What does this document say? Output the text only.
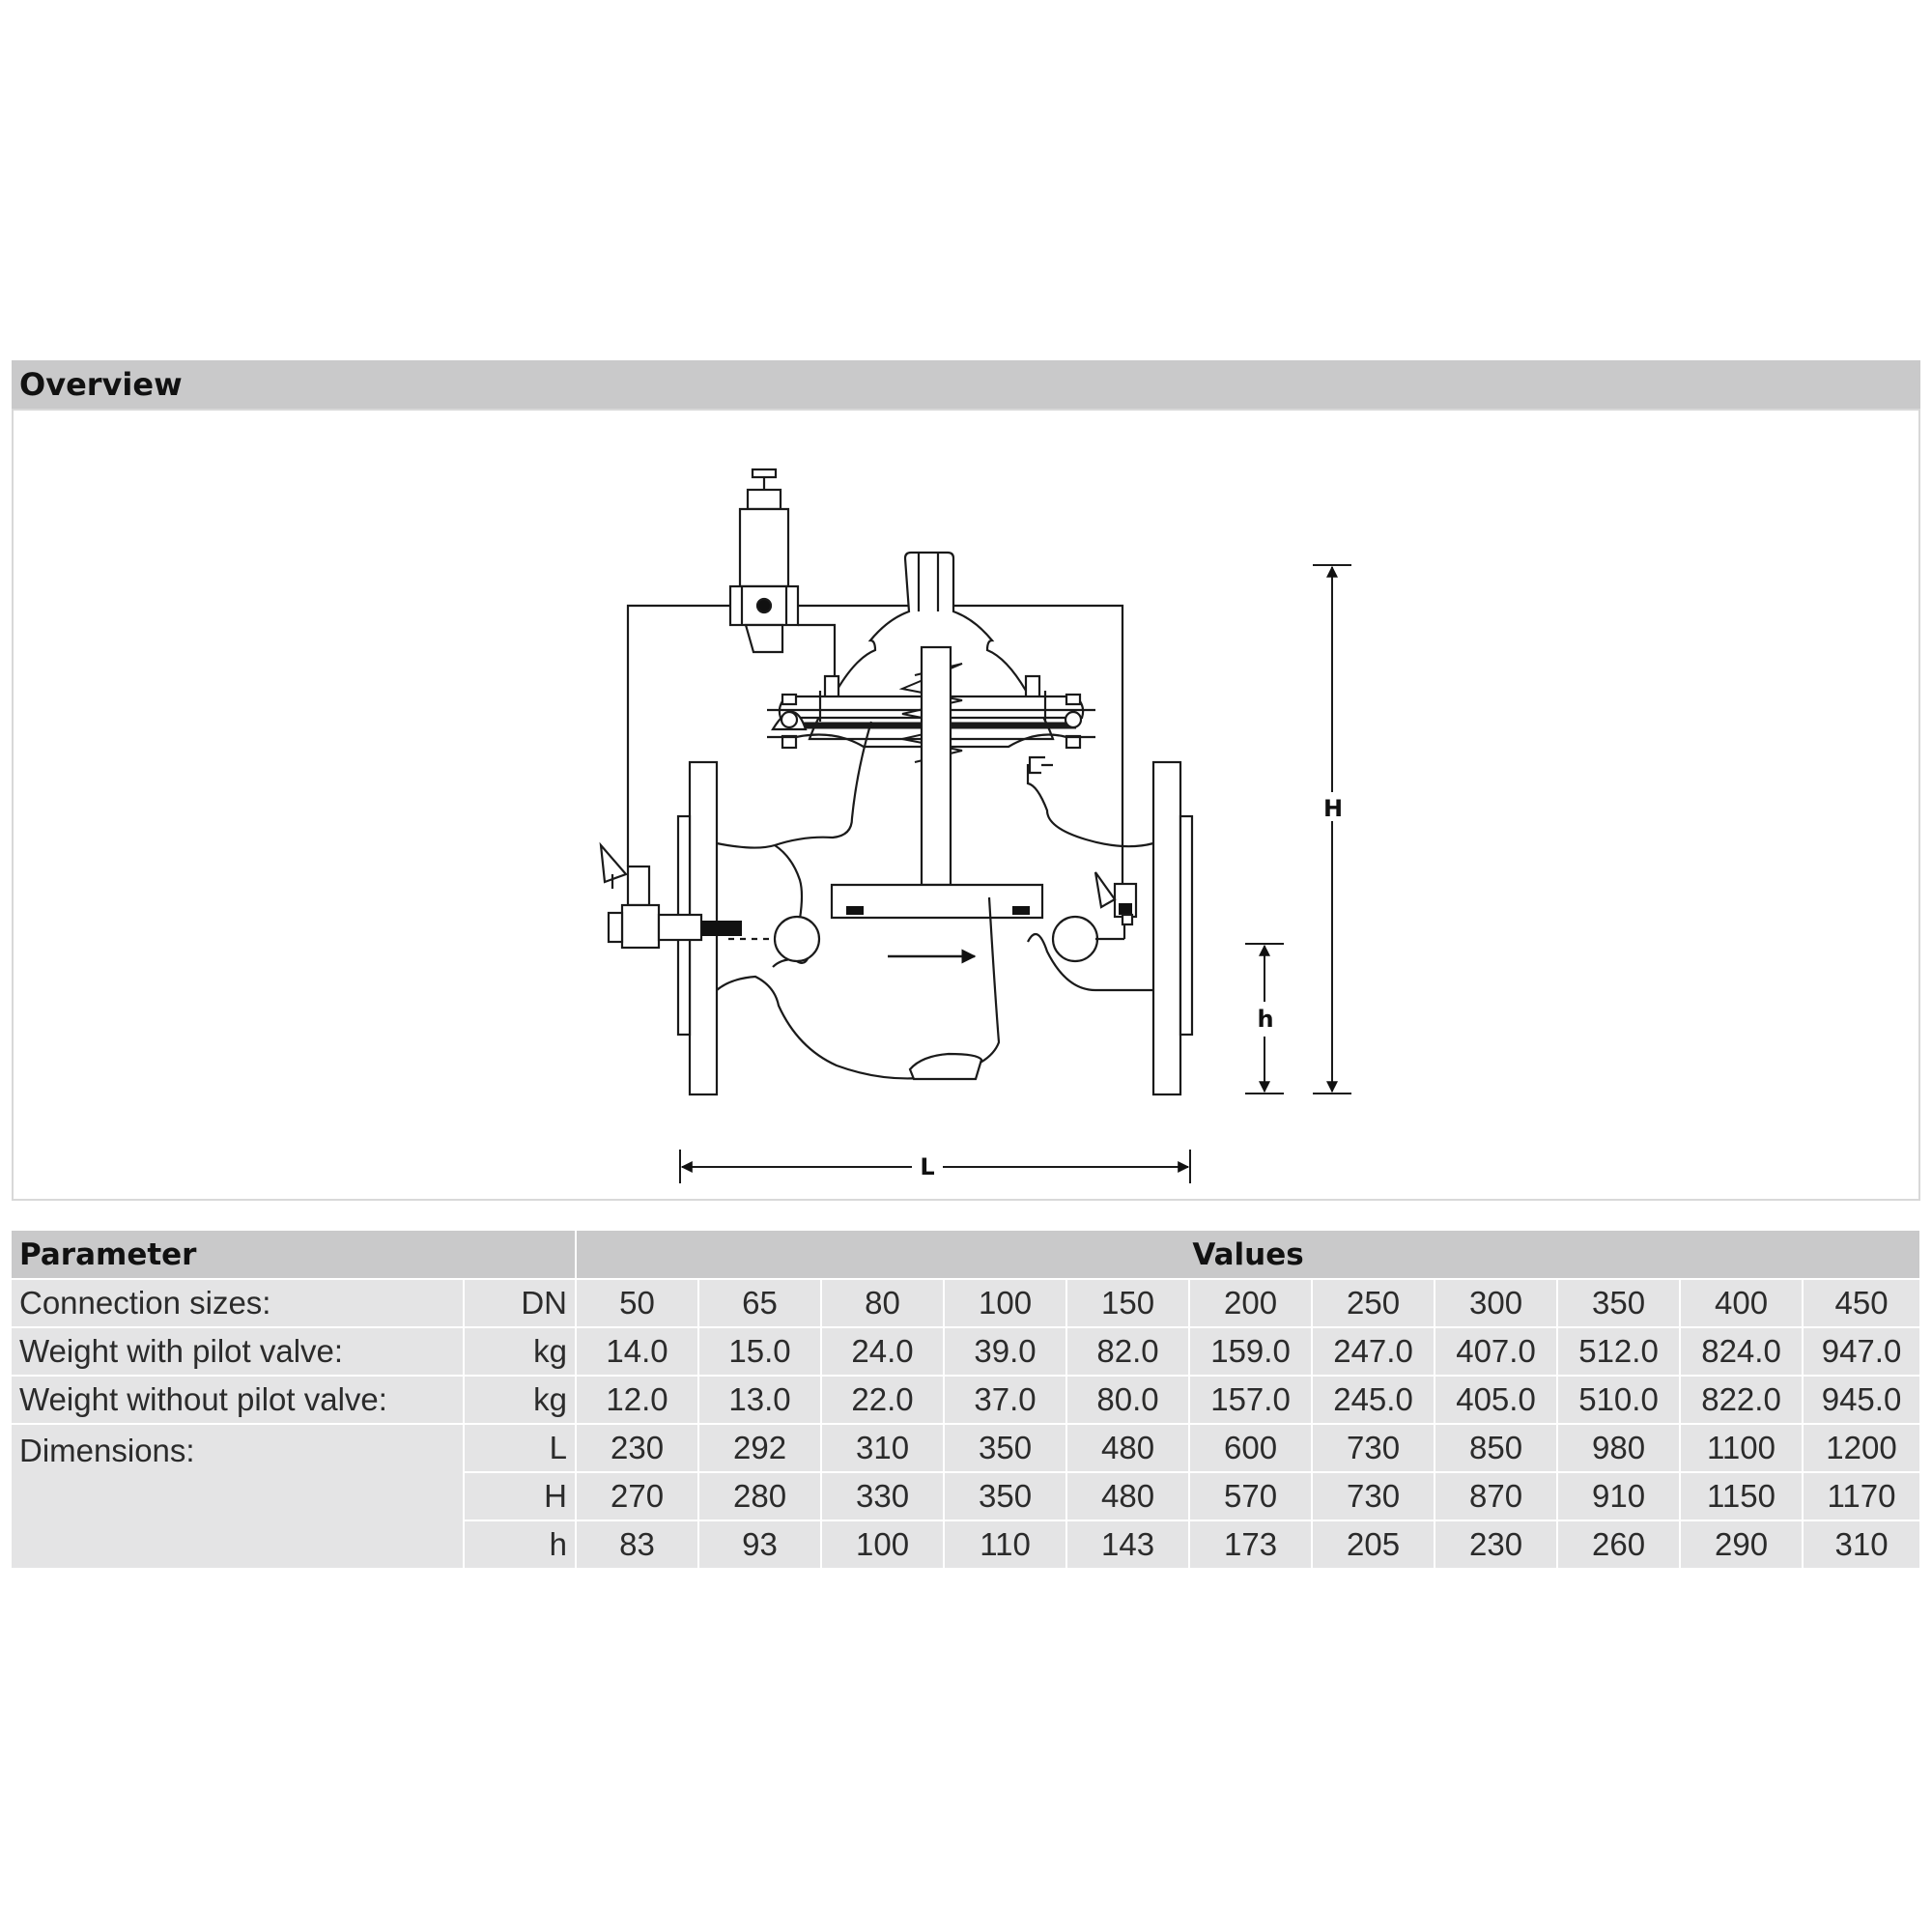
Overview
H
h
L
Parameter		Values										
Connection sizes:	DN	50	65	80	100	150	200	250	300	350	400	450
Weight with pilot valve:	kg	14.0	15.0	24.0	39.0	82.0	159.0	247.0	407.0	512.0	824.0	947.0
Weight without pilot valve:	kg	12.0	13.0	22.0	37.0	80.0	157.0	245.0	405.0	510.0	822.0	945.0
Dimensions:	L	230	292	310	350	480	600	730	850	980	1100	1200
	H	270	280	330	350	480	570	730	870	910	1150	1170
	h	83	93	100	110	143	173	205	230	260	290	310
